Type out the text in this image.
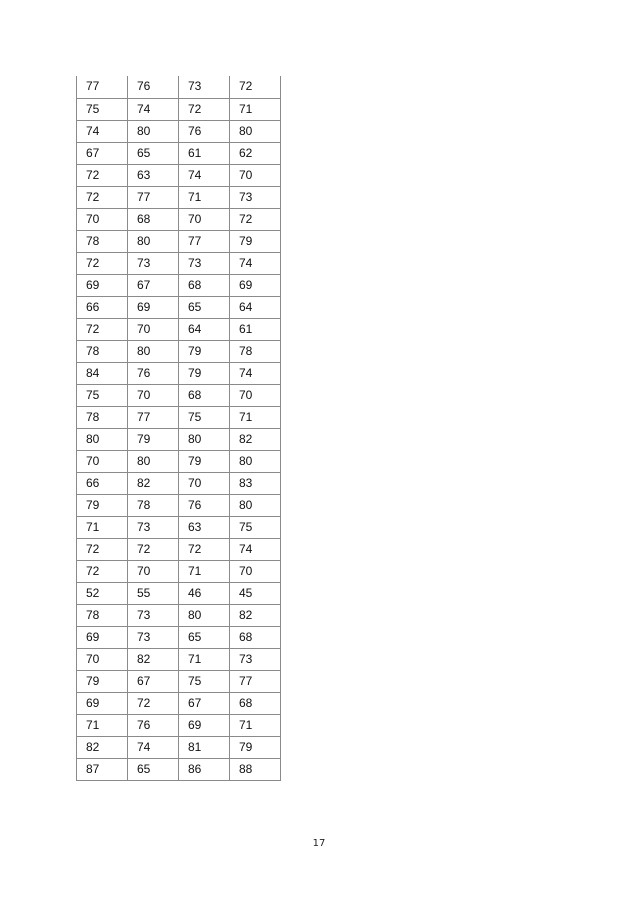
77	76	73	72
75	74	72	71
74	80	76	80
67	65	61	62
72	63	74	70
72	77	71	73
70	68	70	72
78	80	77	79
72	73	73	74
69	67	68	69
66	69	65	64
72	70	64	61
78	80	79	78
84	76	79	74
75	70	68	70
78	77	75	71
80	79	80	82
70	80	79	80
66	82	70	83
79	78	76	80
71	73	63	75
72	72	72	74
72	70	71	70
52	55	46	45
78	73	80	82
69	73	65	68
70	82	71	73
79	67	75	77
69	72	67	68
71	76	69	71
82	74	81	79
87	65	86	88
17
